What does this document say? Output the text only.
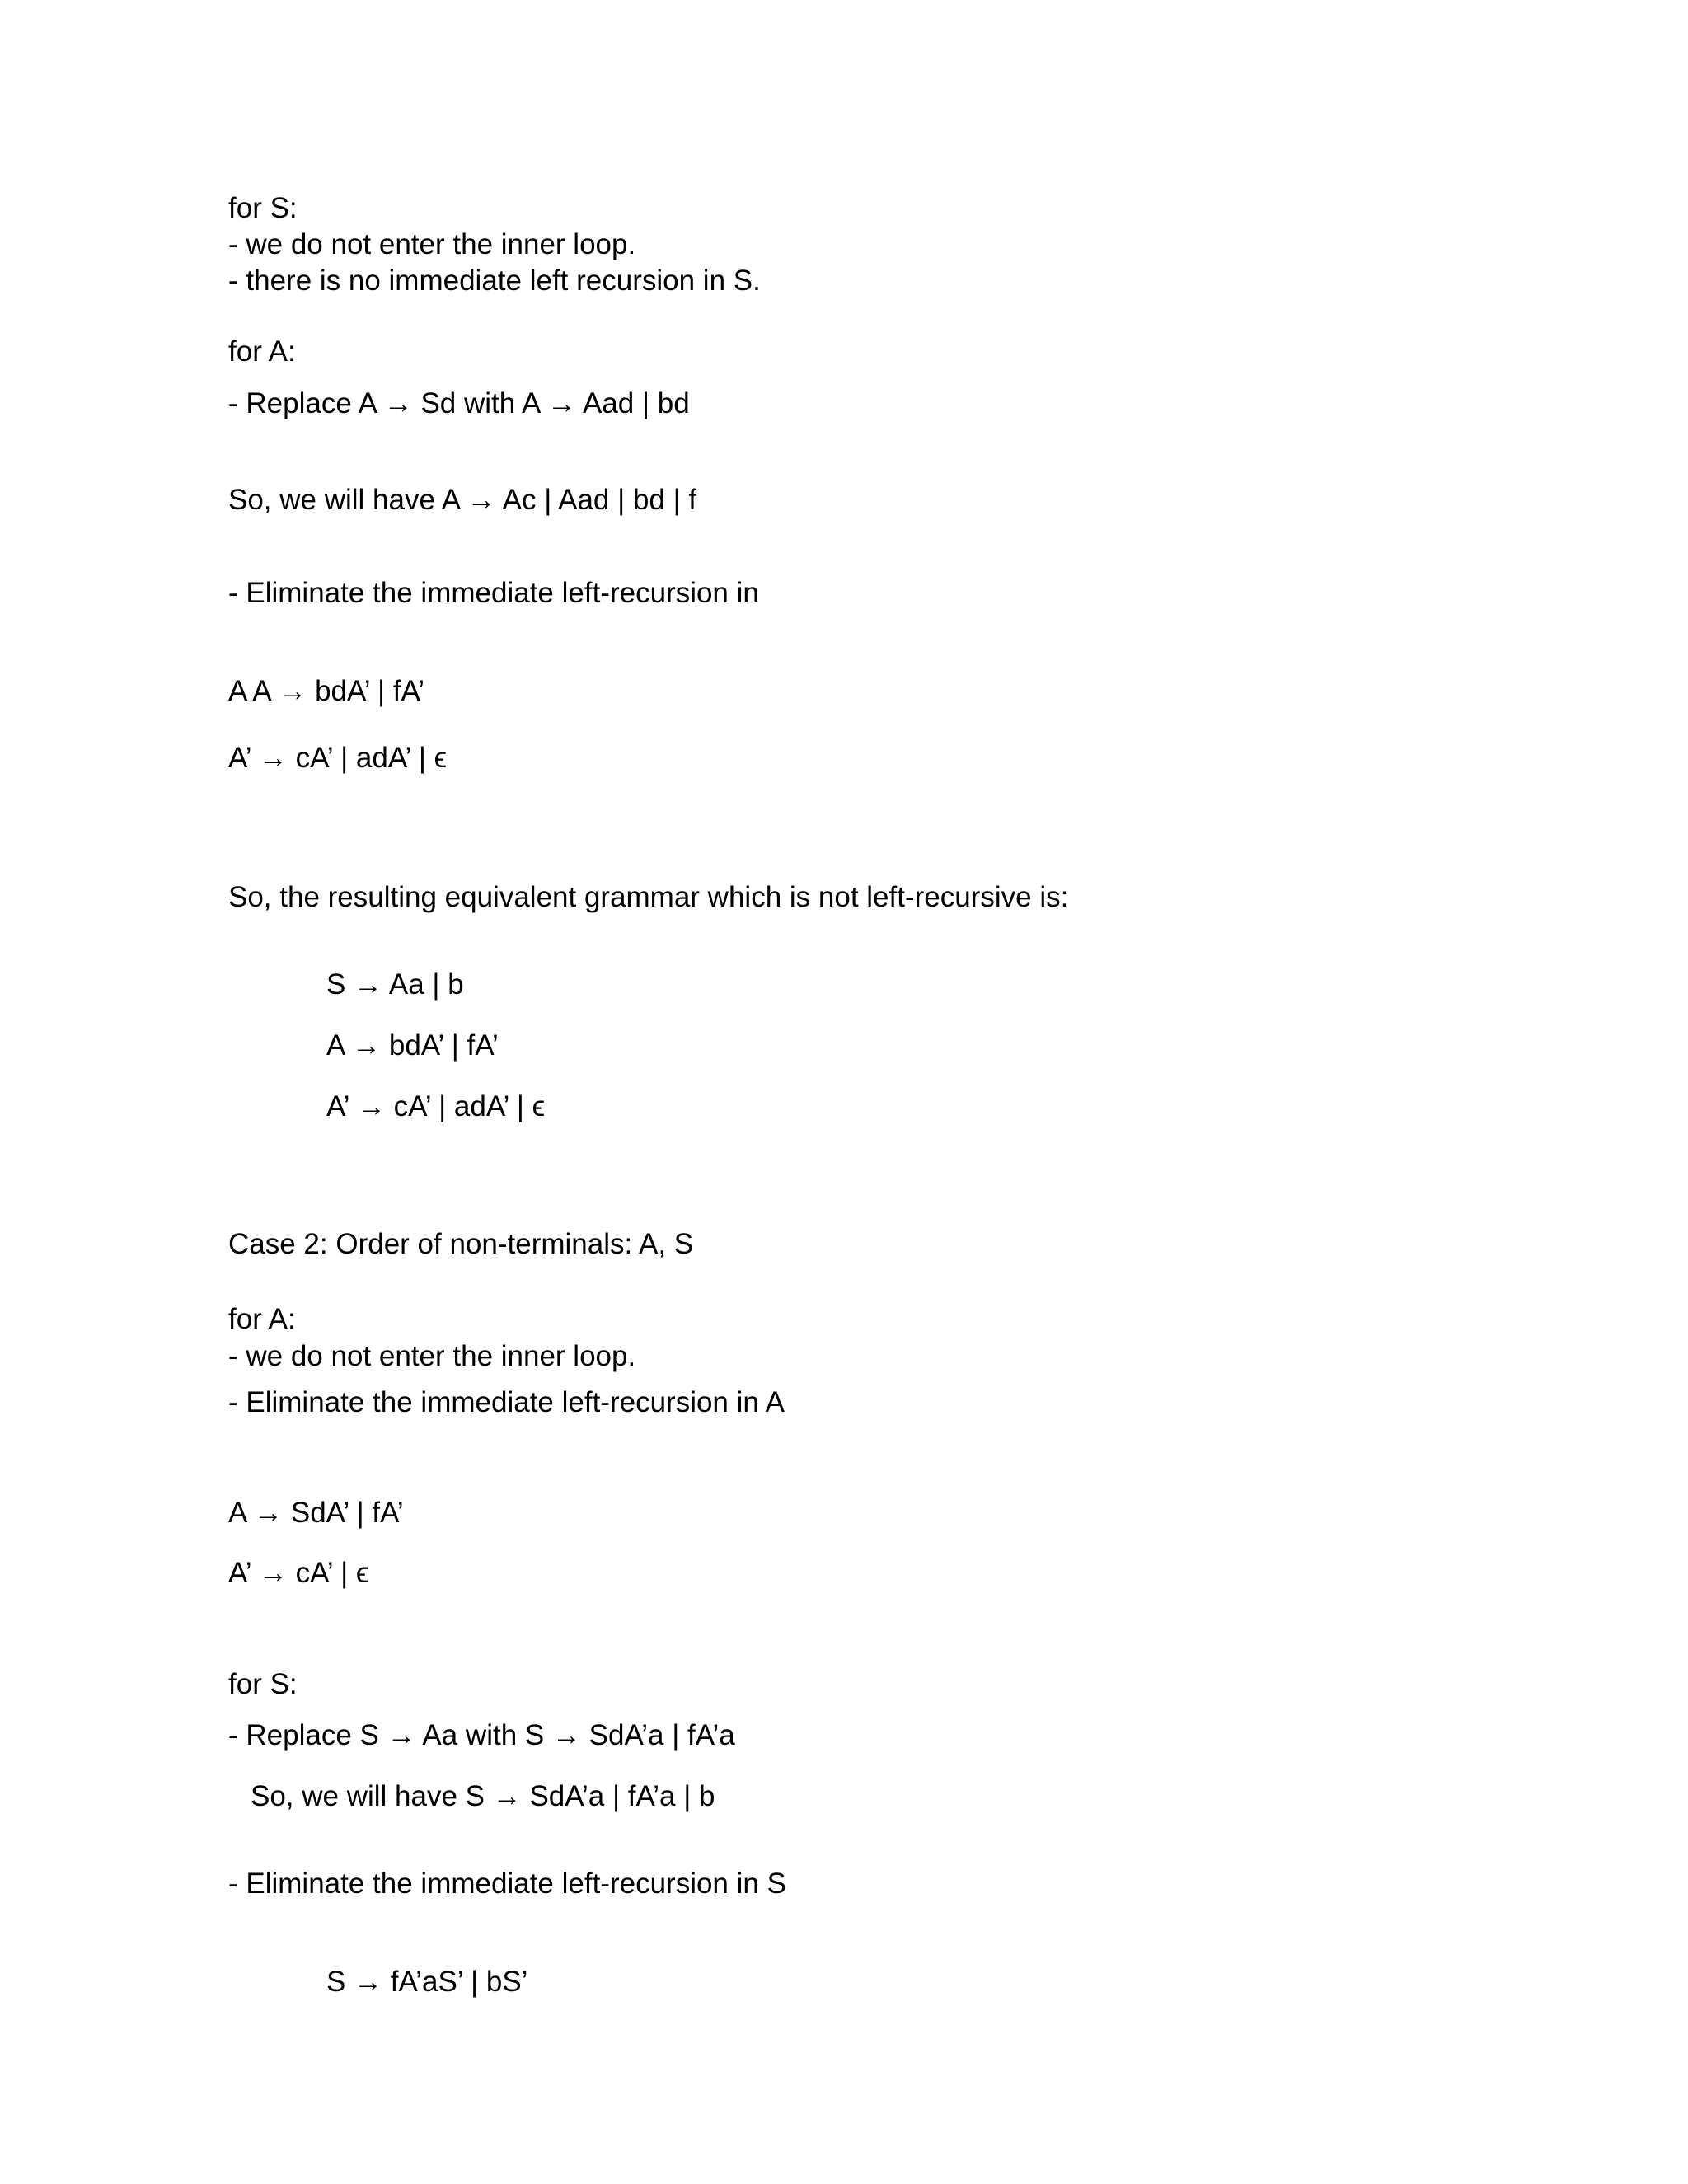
for S:

- we do not enter the inner loop.

- there is no immediate left recursion in S.

for A:

- Replace A → Sd with A → Aad | bd

So, we will have A → Ac | Aad | bd | f

- Eliminate the immediate left-recursion in

A A → bdA’ | fA’

A’ → cA’ | adA’ | ϵ

So, the resulting equivalent grammar which is not left-recursive is:

S → Aa | b

A → bdA’ | fA’

A’ → cA’ | adA’ | ϵ

Case 2: Order of non-terminals: A, S

for A:

- we do not enter the inner loop.

- Eliminate the immediate left-recursion in A

A → SdA’ | fA’

A’ → cA’ | ϵ

for S:

- Replace S → Aa with S → SdA’a | fA’a

So, we will have S → SdA’a | fA’a | b

- Eliminate the immediate left-recursion in S

S → fA’aS’ | bS’
